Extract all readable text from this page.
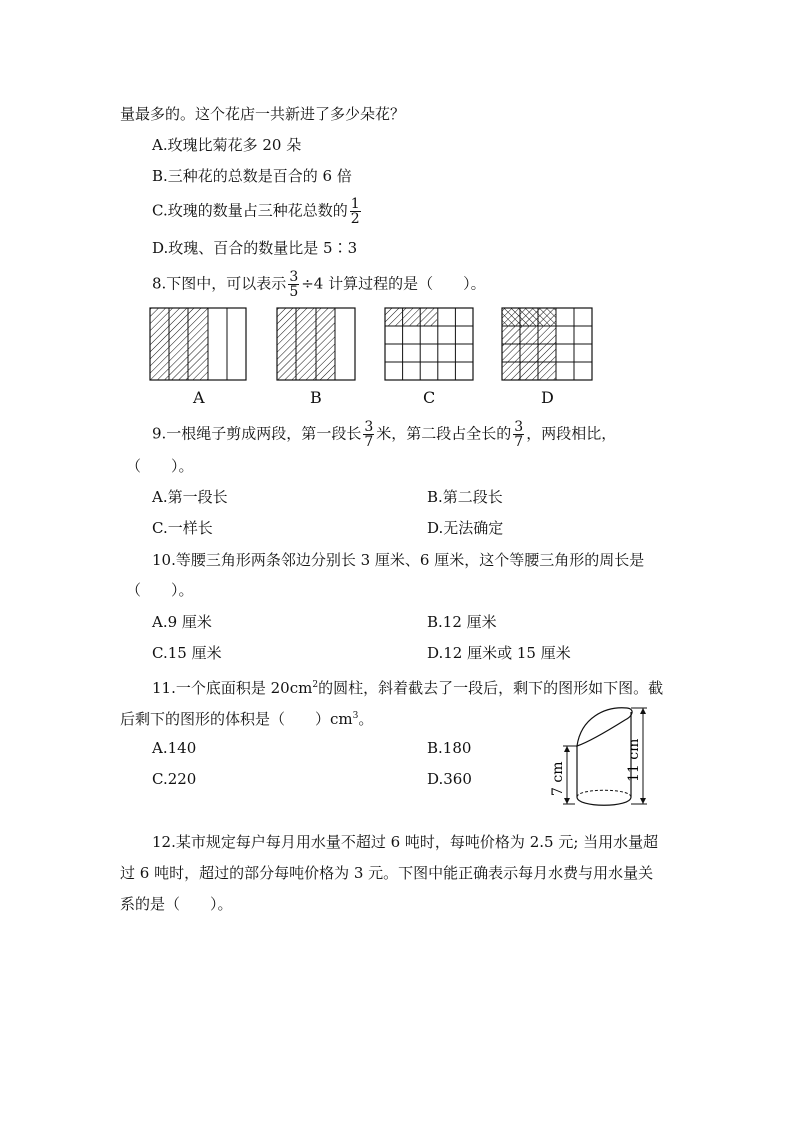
量最多的。这个花店一共新进了多少朵花？
A.玫瑰比菊花多 20 朵
B.三种花的总数是百合的 6 倍
C.玫瑰的数量占三种花总数的 $\frac{1}{2}$
D.玫瑰、百合的数量比是 5∶3
8.下图中，可以表示 $\frac{3}{5} \div 4$ 计算过程的是（　　）。
A	B	C	D
9.一根绳子剪成两段，第一段长 $\frac{3}{7}$ 米，第二段占全长的 $\frac{3}{7}$ ，两段相比，
（　　）。
A.第一段长	B.第二段长
C.一样长	D.无法确定
10.等腰三角形两条邻边分别长 3 厘米、6 厘米，这个等腰三角形的周长是
（　　）。
A.9 厘米	B.12 厘米
C.15 厘米	D.12 厘米或 15 厘米
11.一个底面积是 $20cm^2$的圆柱，斜着截去了一段后，剩下的图形如下图。截
后剩下的图形的体积是（　　）$cm^3$。
A.140	B.180
C.220	D.360	7 cm	11 cm
12.某市规定每户每月用水量不超过 6 吨时，每吨价格为 2.5 元; 当用水量超
过 6 吨时，超过的部分每吨价格为 3 元。下图中能正确表示每月水费与用水量关
系的是（　　）。
